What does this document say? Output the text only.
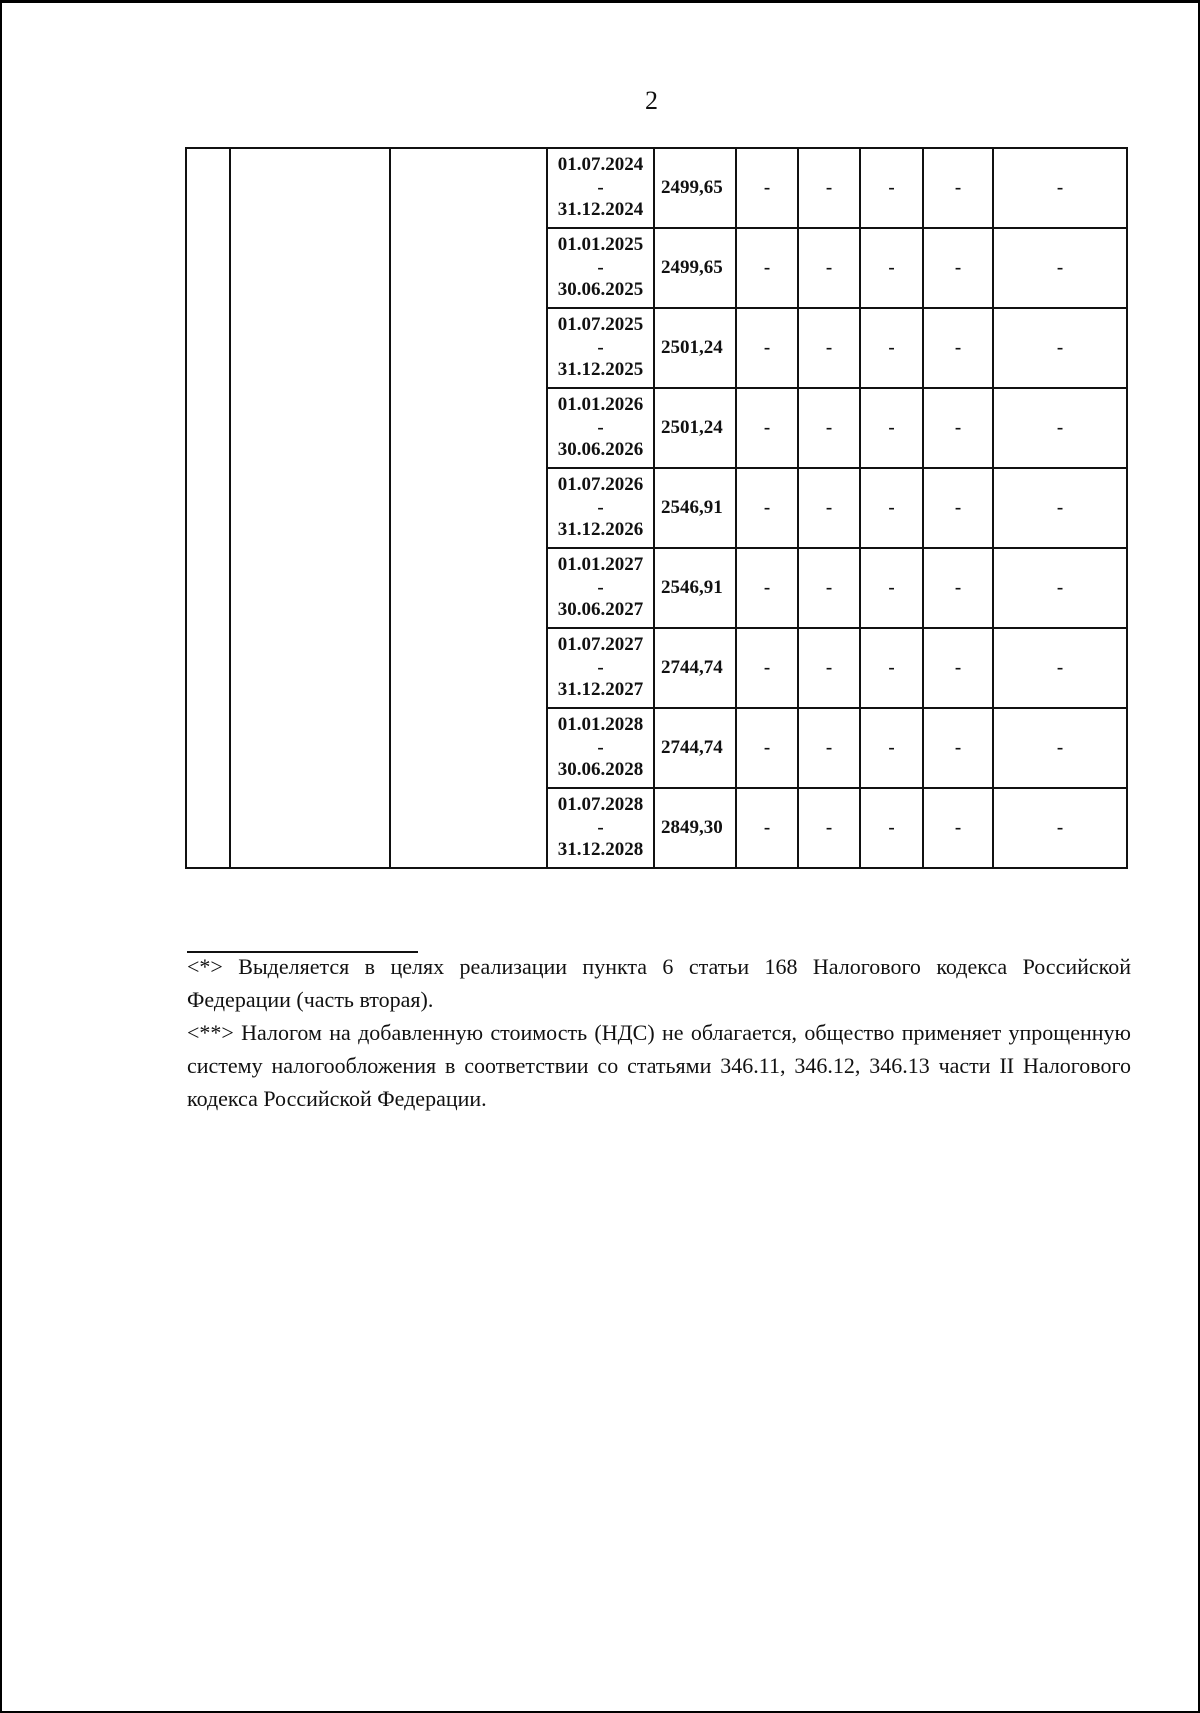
2

			01.07.2024
-
31.12.2024	2499,65	-	-	-	-	-

			01.01.2025
-
30.06.2025	2499,65	-	-	-	-	-

			01.07.2025
-
31.12.2025	2501,24	-	-	-	-	-

			01.01.2026
-
30.06.2026	2501,24	-	-	-	-	-

			01.07.2026
-
31.12.2026	2546,91	-	-	-	-	-

			01.01.2027
-
30.06.2027	2546,91	-	-	-	-	-

			01.07.2027
-
31.12.2027	2744,74	-	-	-	-	-

			01.01.2028
-
30.06.2028	2744,74	-	-	-	-	-

			01.07.2028
-
31.12.2028	2849,30	-	-	-	-	-

<*> Выделяется в целях реализации пункта 6 статьи 168 Налогового кодекса Российской Федерации (часть вторая).

<**> Налогом на добавленную стоимость (НДС) не облагается, общество применяет упрощенную систему налогообложения в соответствии со статьями 346.11, 346.12, 346.13 части II Налогового кодекса Российской Федерации.
